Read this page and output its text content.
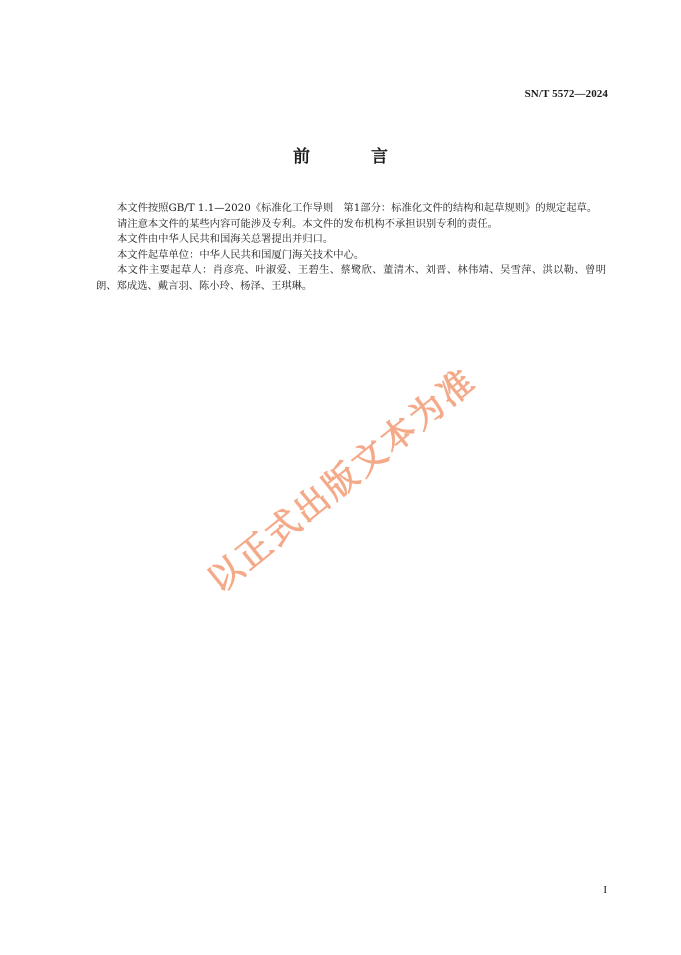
SN/T 5572—2024
前　言

本文件按照GB/T 1.1—2020《标准化工作导则　第1部分：标准化文件的结构和起草规则》的规定起草。

请注意本文件的某些内容可能涉及专利。本文件的发布机构不承担识别专利的责任。

本文件由中华人民共和国海关总署提出并归口。

本文件起草单位：中华人民共和国厦门海关技术中心。

本文件主要起草人：肖彦亮、叶淑爱、王碧生、蔡鹭欣、董清木、刘晋、林伟靖、吴雪萍、洪以勒、曾明朗、郑成选、戴言羽、陈小玲、杨泽、王琪琳。

以正式出版文本为准
I
